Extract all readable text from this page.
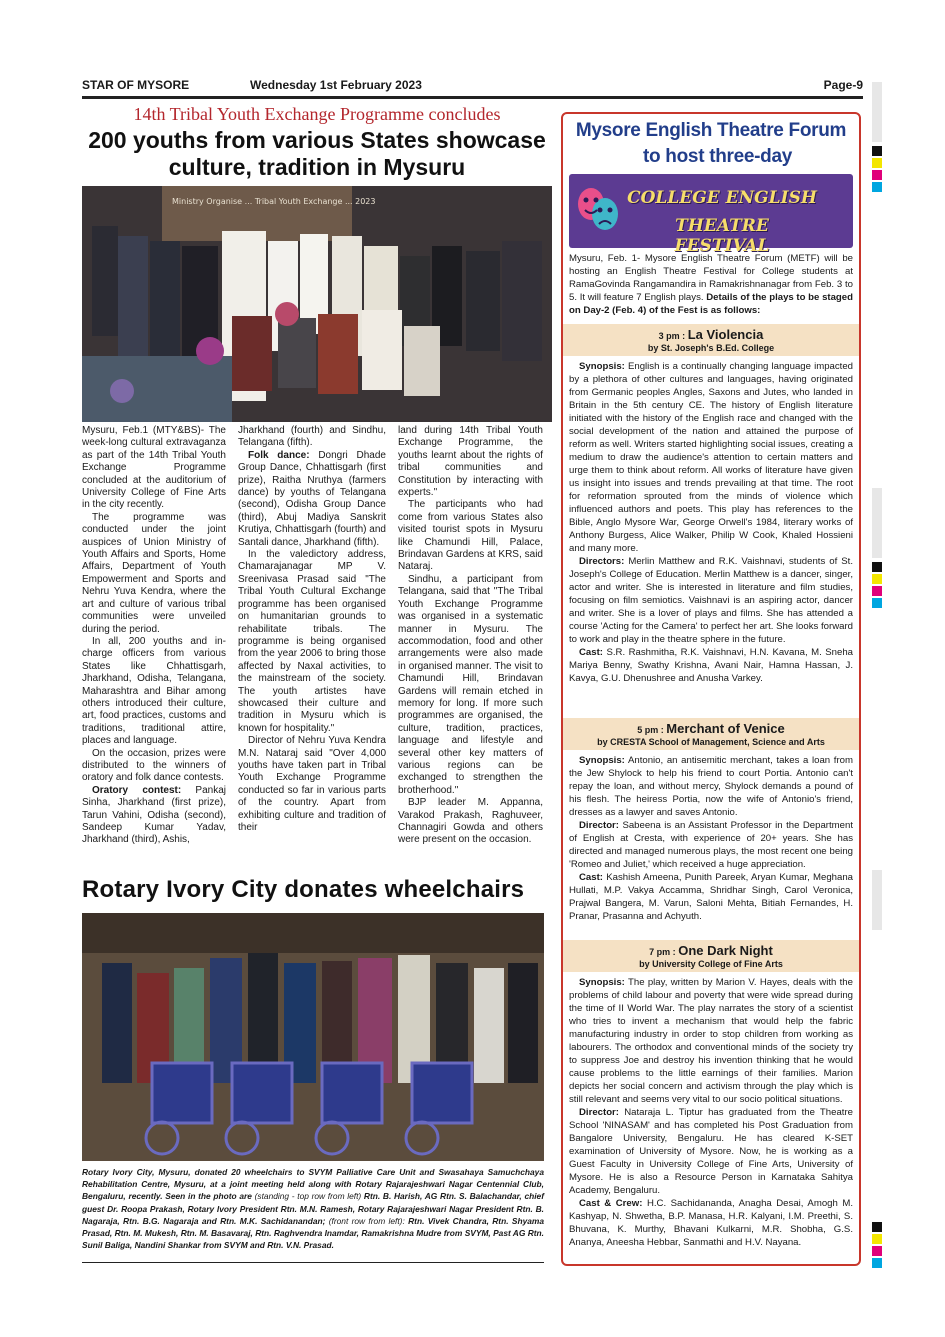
STAR OF MYSORE	Wednesday 1st February 2023	Page-9
14th Tribal Youth Exchange Programme concludes
200 youths from various States showcase culture, tradition in Mysuru
Ministry Organise ... Tribal Youth Exchange ... 2023

Mysuru, Feb.1 (MTY&BS)- The week-long cultural extravaganza as part of the 14th Tribal Youth Exchange Programme concluded at the auditorium of University College of Fine Arts in the city recently.

The programme was conducted under the joint auspices of Union Ministry of Youth Affairs and Sports, Home Affairs, Department of Youth Empowerment and Sports and Nehru Yuva Kendra, where the art and culture of various tribal communities were unveiled during the period.

In all, 200 youths and in-charge officers from various States like Chhattisgarh, Jharkhand, Odisha, Telangana, Maharashtra and Bihar among others introduced their culture, art, food practices, customs and traditions, traditional attire, places and language.

On the occasion, prizes were distributed to the winners of oratory and folk dance contests.

Oratory contest: Pankaj Sinha, Jharkhand (first prize), Tarun Vahini, Odisha (second), Sandeep Kumar Yadav, Jharkhand (third), Ashis,

Jharkhand (fourth) and Sindhu, Telangana (fifth).

Folk dance: Dongri Dhade Group Dance, Chhattisgarh (first prize), Raitha Nruthya (farmers dance) by youths of Telangana (second), Odisha Group Dance (third), Abuj Madiya Sanskrit Krutiya, Chhattisgarh (fourth) and Santali dance, Jharkhand (fifth).

In the valedictory address, Chamarajanagar MP V. Sreenivasa Prasad said "The Tribal Youth Cultural Exchange programme has been organised on humanitarian grounds to rehabilitate tribals. The programme is being organised from the year 2006 to bring those affected by Naxal activities, to the mainstream of the society. The youth artistes have showcased their culture and tradition in Mysuru which is known for hospitality."

Director of Nehru Yuva Kendra M.N. Nataraj said "Over 4,000 youths have taken part in Tribal Youth Exchange Programme conducted so far in various parts of the country. Apart from exhibiting culture and tradition of their

land during 14th Tribal Youth Exchange Programme, the youths learnt about the rights of tribal communities and Constitution by interacting with experts."

The participants who had come from various States also visited tourist spots in Mysuru like Chamundi Hill, Palace, Brindavan Gardens at KRS, said Nataraj.

Sindhu, a participant from Telangana, said that "The Tribal Youth Exchange Programme was organised in a systematic manner in Mysuru. The accommodation, food and other arrangements were also made in organised manner. The visit to Chamundi Hill, Brindavan Gardens will remain etched in memory for long. If more such programmes are organised, the culture, tradition, practices, language and lifestyle and several other key matters of various regions can be exchanged to strengthen the brotherhood."

BJP leader M. Appanna, Varakod Prakash, Raghuveer, Channagiri Gowda and others were present on the occasion.

Rotary Ivory City donates wheelchairs
Rotary Ivory City, Mysuru, donated 20 wheelchairs to SVYM Palliative Care Unit and Swasahaya Samuchchaya Rehabilitation Centre, Mysuru, at a joint meeting held along with Rotary Rajarajeshwari Nagar Centennial Club, Bengaluru, recently. Seen in the photo are (standing - top row from left) Rtn. B. Harish, AG Rtn. S. Balachandar, chief guest Dr. Roopa Prakash, Rotary Ivory President Rtn. M.N. Ramesh, Rotary Rajarajeshwari Nagar President Rtn. B. Nagaraja, Rtn. B.G. Nagaraja and Rtn. M.K. Sachidanandan; (front row from left): Rtn. Vivek Chandra, Rtn. Shyama Prasad, Rtn. M. Mukesh, Rtn. M. Basavaraj, Rtn. Raghvendra Inamdar, Ramakrishna Mudre from SVYM, Past AG Rtn. Sunil Baliga, Nandini Shankar from SVYM and Rtn. V.N. Prasad.
Mysore English Theatre Forum
to host three-day
COLLEGE ENGLISH
THEATRE FESTIVAL
Mysuru, Feb. 1- Mysore English Theatre Forum (METF) will be hosting an English Theatre Festival for College students at RamaGovinda Rangamandira in Ramakrishnanagar from Feb. 3 to 5. It will feature 7 English plays. Details of the plays to be staged on Day-2 (Feb. 4) of the Fest is as follows:
3 pm : La Violencia
by St. Joseph's B.Ed. College

Synopsis: English is a continually changing language impacted by a plethora of other cultures and languages, having originated from Germanic peoples Angles, Saxons and Jutes, who landed in Britain in the 5th century CE. The history of English literature initiated with the history of the English race and changed with the social development of the nation and attained the purpose of reform as well. Writers started highlighting social issues, creating a medium to draw the audience's attention to certain matters and urge them to think about reform. All works of literature have given us insight into issues and trends prevailing at that time. The root for reformation sprouted from the minds of violence which influenced authors and poets. This play has references to the Bible, Anglo Mysore War, George Orwell's 1984, literary works of Anthony Burgess, Alice Walker, Philip W Cook, Khaled Hossieni and many more.

Directors: Merlin Matthew and R.K. Vaishnavi, students of St. Joseph's College of Education. Merlin Matthew is a dancer, singer, actor and writer. She is interested in literature and film studies, focusing on film semiotics. Vaishnavi is an aspiring actor, dancer and writer. She is a lover of plays and films. She has attended a course 'Acting for the Camera' to perfect her art. She looks forward to work and play in the theatre sphere in the future.

Cast: S.R. Rashmitha, R.K. Vaishnavi, H.N. Kavana, M. Sneha Mariya Benny, Swathy Krishna, Avani Nair, Hamna Hassan, J. Kavya, G.U. Dhenushree and Anusha Varkey.

5 pm : Merchant of Venice
by CRESTA School of Management, Science and Arts

Synopsis: Antonio, an antisemitic merchant, takes a loan from the Jew Shylock to help his friend to court Portia. Antonio can't repay the loan, and without mercy, Shylock demands a pound of his flesh. The heiress Portia, now the wife of Antonio's friend, dresses as a lawyer and saves Antonio.

Director: Sabeena is an Assistant Professor in the Department of English at Cresta, with experience of 20+ years. She has directed and managed numerous plays, the most recent one being 'Romeo and Juliet,' which received a huge appreciation.

Cast: Kashish Ameena, Punith Pareek, Aryan Kumar, Meghana Hullati, M.P. Vakya Accamma, Shridhar Singh, Carol Veronica, Prajwal Bangera, M. Varun, Saloni Mehta, Bitiah Fernandes, H. Pranar, Prasanna and Achyuth.

7 pm : One Dark Night
by University College of Fine Arts

Synopsis: The play, written by Marion V. Hayes, deals with the problems of child labour and poverty that were wide spread during the time of II World War. The play narrates the story of a scientist who tries to invent a mechanism that would help the fabric manufacturing industry in order to stop children from working as labourers. The orthodox and conventional minds of the society try to suppress Joe and destroy his invention thinking that he would cause problems to the little earnings of their families. Marion depicts her social concern and activism through the play which is still relevant and seems very vital to our socio political situations.

Director: Nataraja L. Tiptur has graduated from the Theatre School 'NINASAM' and has completed his Post Graduation from Bangalore University, Bengaluru. He has cleared K-SET examination of University of Mysore. Now, he is working as a Guest Faculty in University College of Fine Arts, University of Mysore. He is also a Resource Person in Karnataka Sahitya Academy, Bengaluru.

Cast & Crew: H.C. Sachidananda, Anagha Desai, Amogh M. Kashyap, N. Shwetha, B.P. Manasa, H.R. Kalyani, I.M. Preethi, S. Bhuvana, K. Murthy, Bhavani Kulkarni, M.R. Shobha, G.S. Ananya, Aneesha Hebbar, Sanmathi and H.V. Nayana.
